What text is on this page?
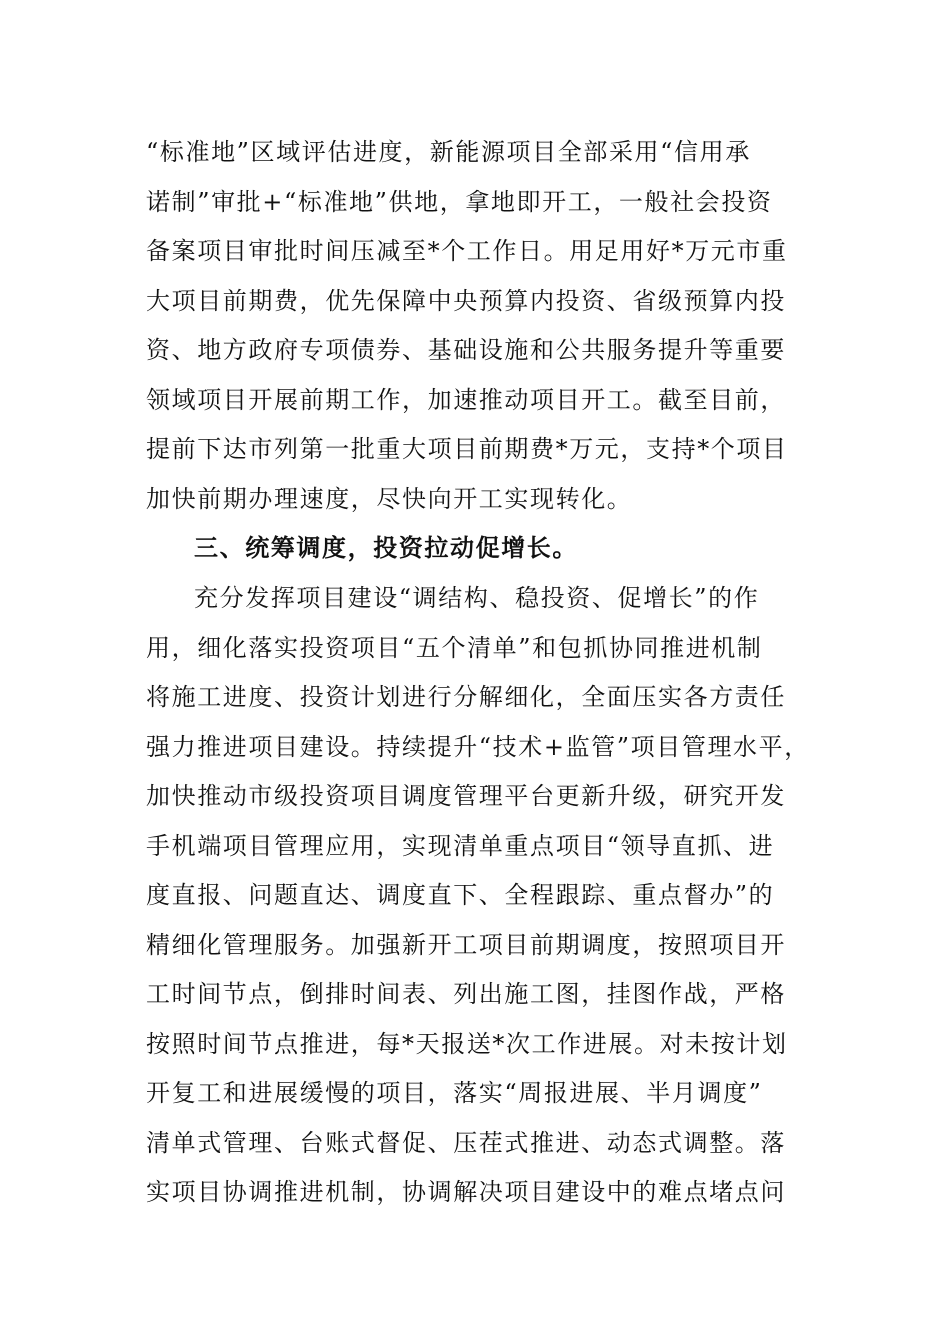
“标准地”区域评估进度，新能源项目全部采用“信用承
诺制”审批+“标准地”供地，拿地即开工，一般社会投资
备案项目审批时间压减至*个工作日。用足用好*万元市重
大项目前期费，优先保障中央预算内投资、省级预算内投
资、地方政府专项债券、基础设施和公共服务提升等重要
领域项目开展前期工作，加速推动项目开工。截至目前，
提前下达市列第一批重大项目前期费*万元，支持*个项目
加快前期办理速度，尽快向开工实现转化。
三、统筹调度，投资拉动促增长。
充分发挥项目建设“调结构、稳投资、促增长”的作
用，细化落实投资项目“五个清单”和包抓协同推进机制
将施工进度、投资计划进行分解细化，全面压实各方责任
强力推进项目建设。持续提升“技术+监管”项目管理水平，
加快推动市级投资项目调度管理平台更新升级，研究开发
手机端项目管理应用，实现清单重点项目“领导直抓、进
度直报、问题直达、调度直下、全程跟踪、重点督办”的
精细化管理服务。加强新开工项目前期调度，按照项目开
工时间节点，倒排时间表、列出施工图，挂图作战，严格
按照时间节点推进，每*天报送*次工作进展。对未按计划
开复工和进展缓慢的项目，落实“周报进展、半月调度”
清单式管理、台账式督促、压茬式推进、动态式调整。落
实项目协调推进机制，协调解决项目建设中的难点堵点问
